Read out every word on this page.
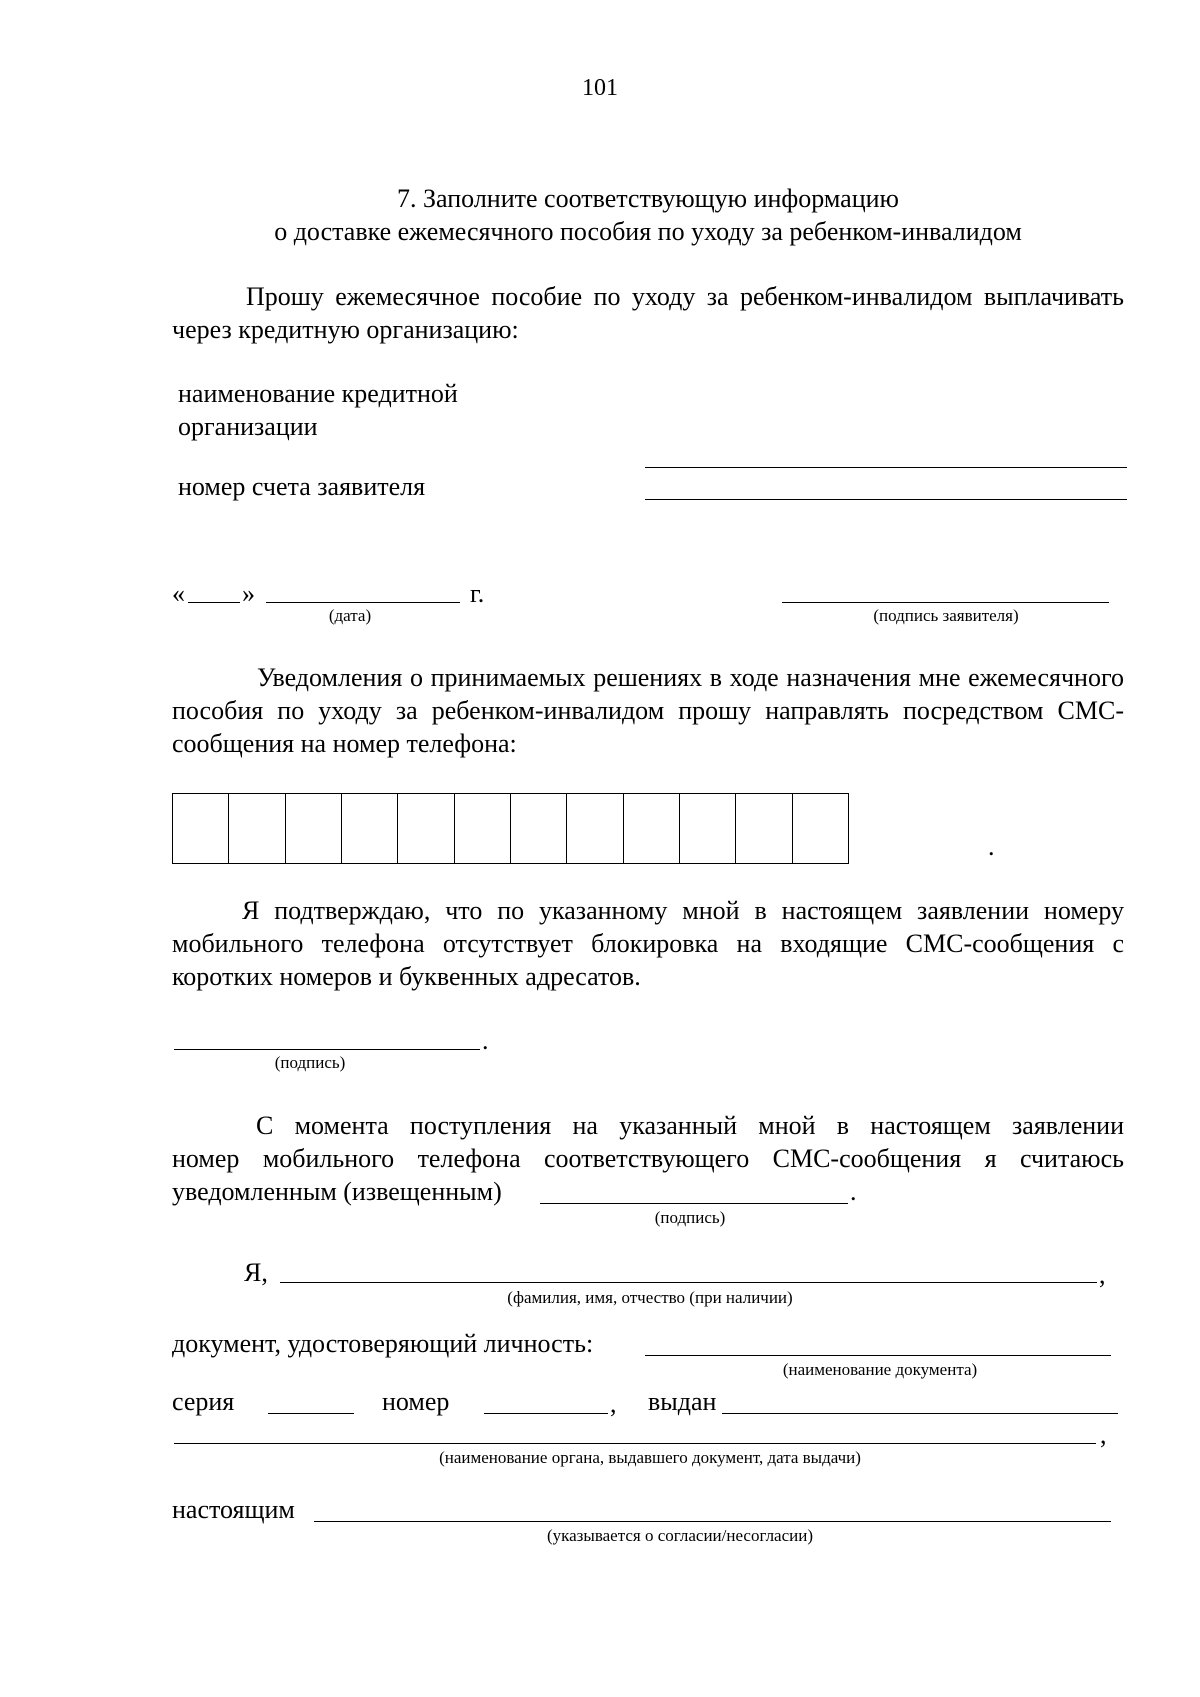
101
7. Заполните соответствующую информацию
о доставке ежемесячного пособия по уходу за ребенком-инвалидом
Прошу ежемесячное пособие по уходу за ребенком-инвалидом выплачивать
через кредитную организацию:
наименование кредитной
организации
номер счета заявителя
« »	г.
(дата)	(подпись заявителя)
Уведомления о принимаемых решениях в ходе назначения мне ежемесячного пособия по уходу за ребенком-инвалидом прошу направлять посредством СМС-сообщения на номер телефона:
.
Я подтверждаю, что по указанному мной в настоящем заявлении номеру мобильного телефона отсутствует блокировка на входящие СМС-сообщения с коротких номеров и буквенных адресатов.
.
(подпись)
С момента поступления на указанный мной в настоящем заявлении
номер мобильного телефона соответствующего СМС-сообщения я считаюсь
уведомленным (извещенным)	.
(подпись)
Я,	,
(фамилия, имя, отчество (при наличии)
документ, удостоверяющий личность:
(наименование документа)
серия	номер	, выдан
,
(наименование органа, выдавшего документ, дата выдачи)
настоящим
(указывается о согласии/несогласии)
